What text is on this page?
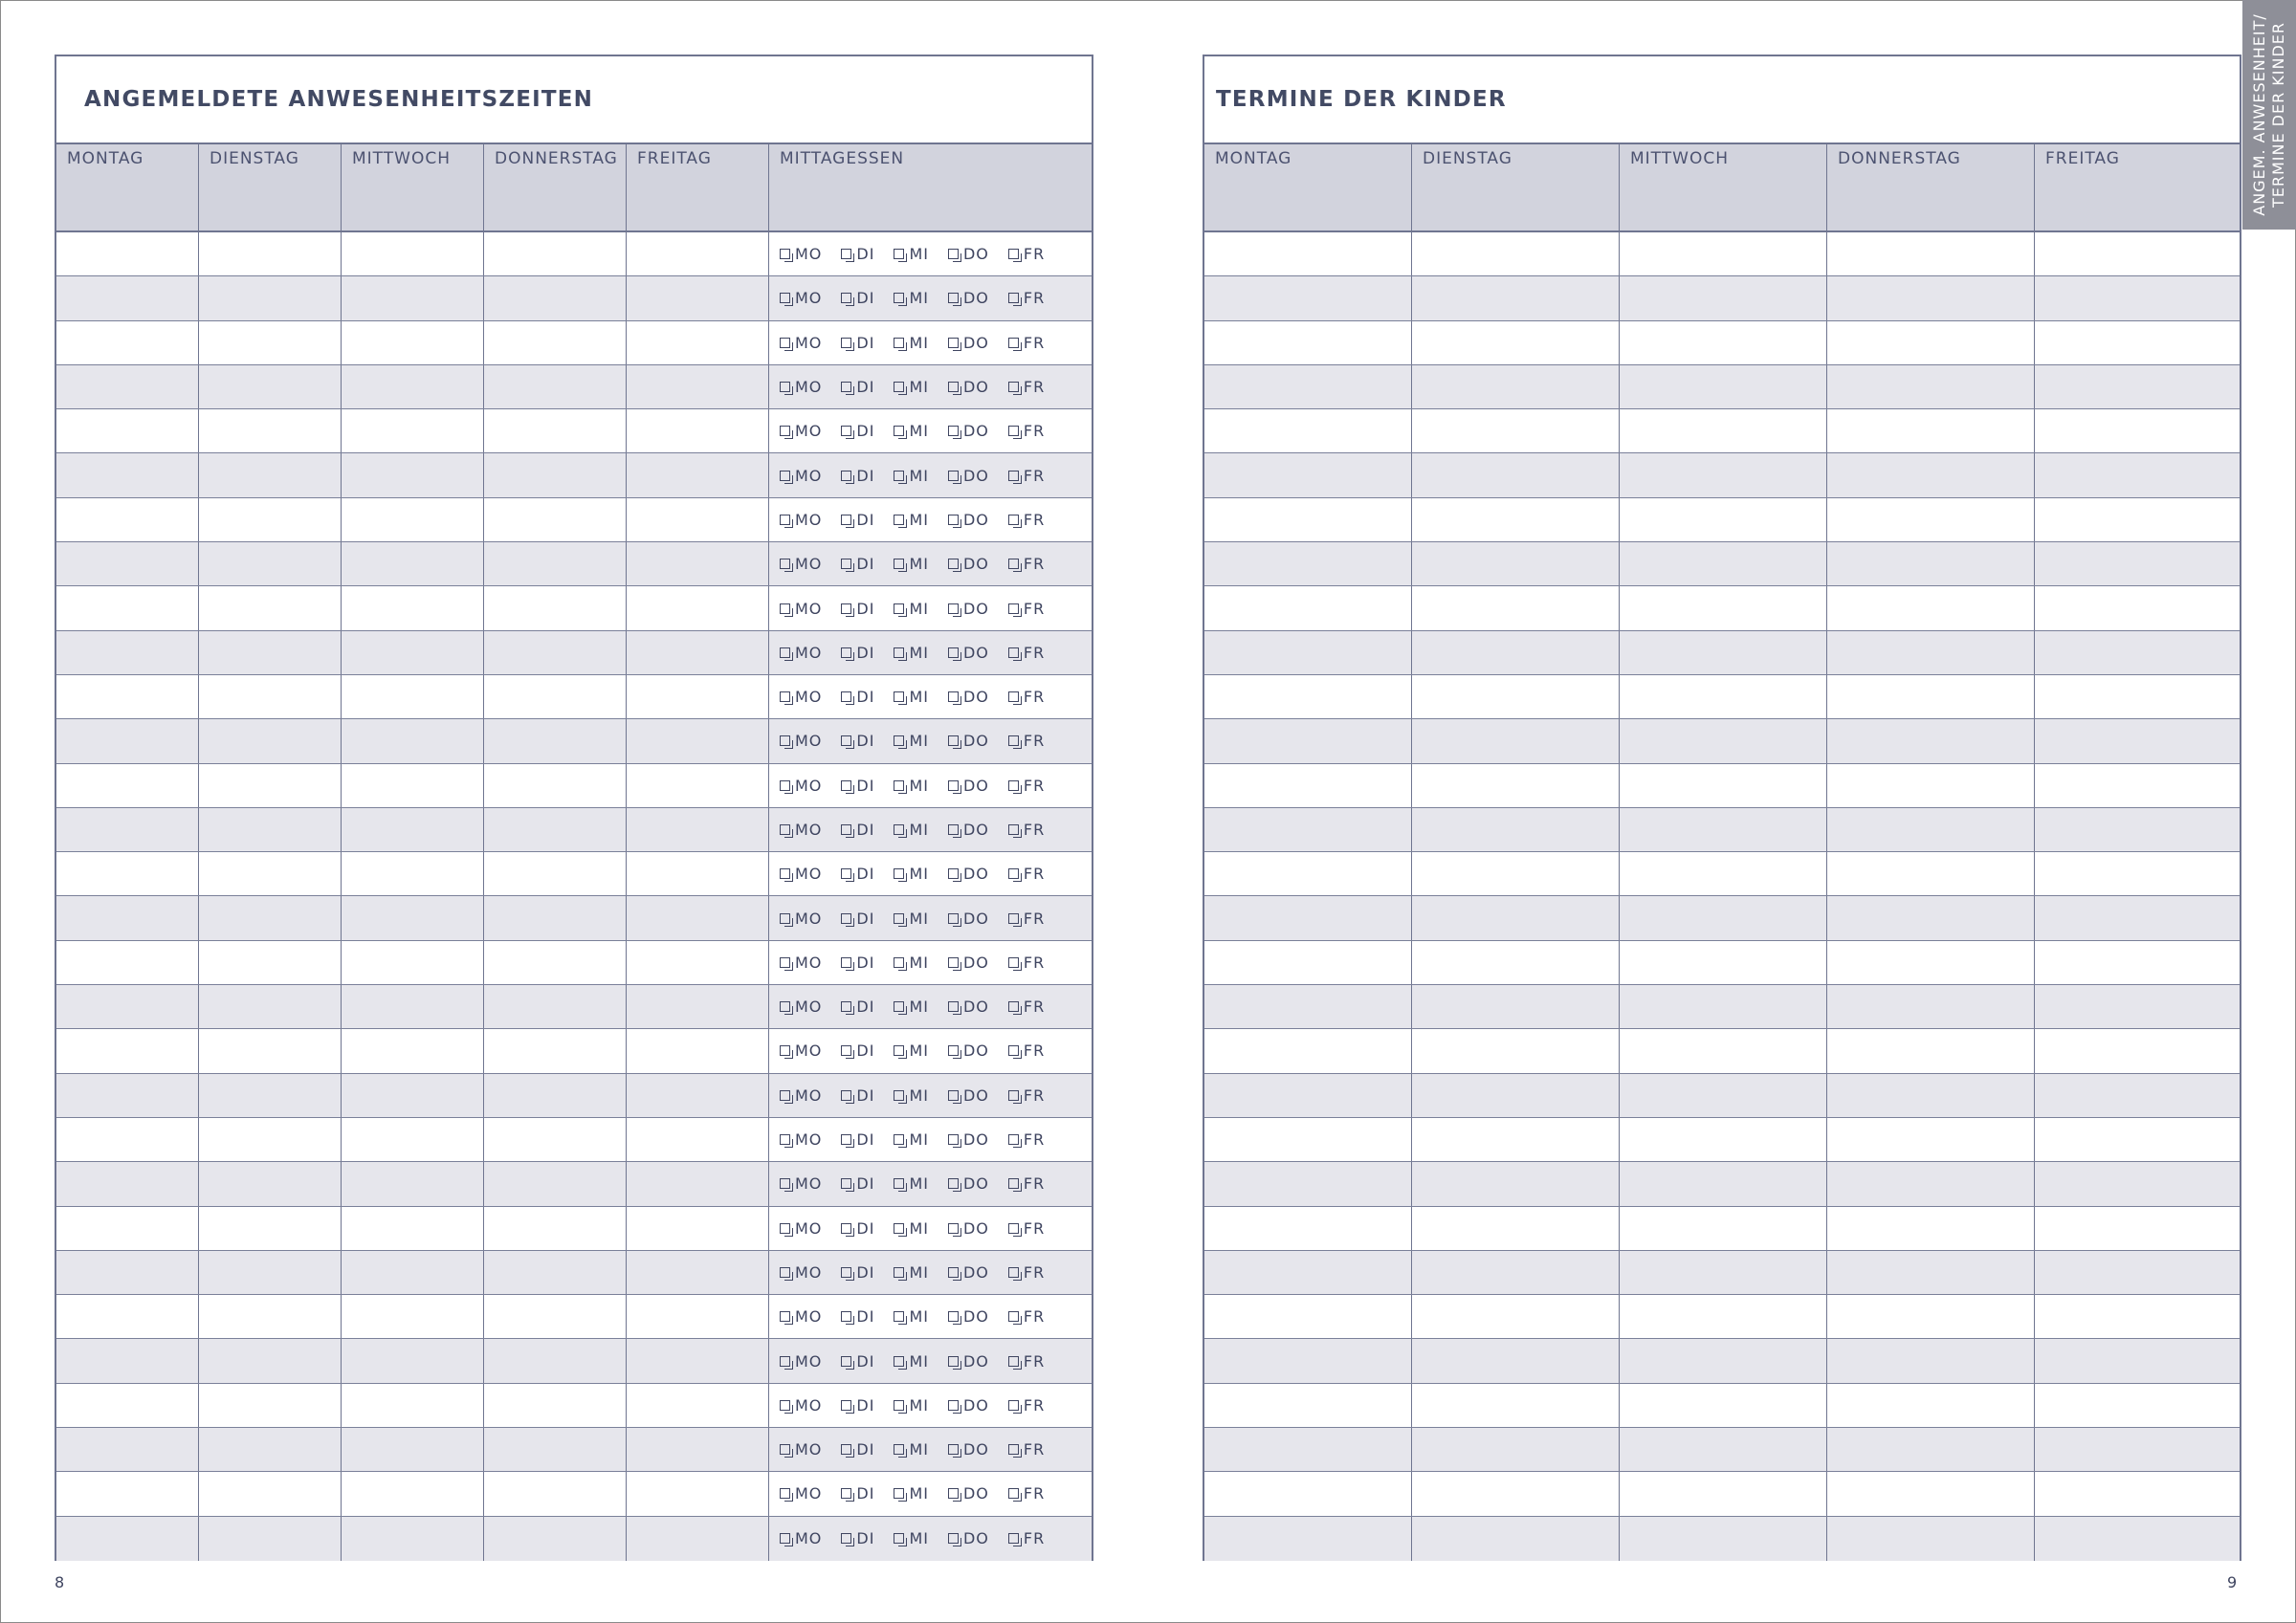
ANGEMELDETE ANWESENHEITSZEITEN
MONTAG	DIENSTAG	MITTWOCH	DONNERSTAG	FREITAG	MITTAGESSEN
MO DI MI DO FR
MO DI MI DO FR
MO DI MI DO FR
MO DI MI DO FR
MO DI MI DO FR
MO DI MI DO FR
MO DI MI DO FR
MO DI MI DO FR
MO DI MI DO FR
MO DI MI DO FR
MO DI MI DO FR
MO DI MI DO FR
MO DI MI DO FR
MO DI MI DO FR
MO DI MI DO FR
MO DI MI DO FR
MO DI MI DO FR
MO DI MI DO FR
MO DI MI DO FR
MO DI MI DO FR
MO DI MI DO FR
MO DI MI DO FR
MO DI MI DO FR
MO DI MI DO FR
MO DI MI DO FR
MO DI MI DO FR
MO DI MI DO FR
MO DI MI DO FR
MO DI MI DO FR
MO DI MI DO FR
TERMINE DER KINDER
MONTAG	DIENSTAG	MITTWOCH	DONNERSTAG	FREITAG
8	9
ANGEM. ANWESENHEIT/ TERMINE DER KINDER
